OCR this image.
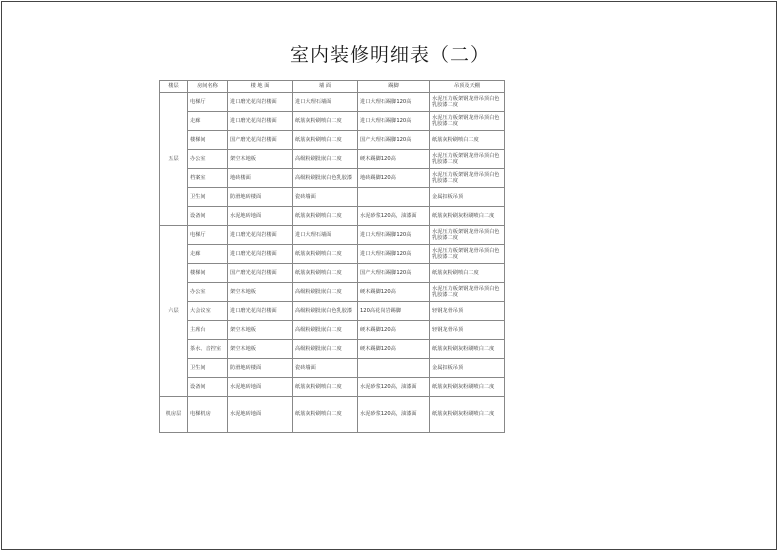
室内装修明细表（二）
楼层	房间名称	楼 地 面	墙 面	踢脚	吊顶及天棚
五层	电梯厅	进口磨光花岗岩楼面	进口大理石墙面	进口大理石踢脚120高	水泥压力板架钢龙骨吊顶白色乳胶漆二度
	走廊	进口磨光花岗岩楼面	纸筋灰粉刷喷白二度	进口大理石踢脚120高	水泥压力板架钢龙骨吊顶白色乳胶漆二度
	楼梯间	国产磨光花岗岩楼面	纸筋灰粉刷喷白二度	国产大理石踢脚120高	纸筋灰粉刷喷白二度
	办公室	架空木地板	高级粉刷批嵌白二度	硬木踢脚120高	水泥压力板架钢龙骨吊顶白色乳胶漆二度
	档案室	地砖楼面	高级粉刷批嵌白色乳胶漆	地砖踢脚120高	水泥压力板架钢龙骨吊顶白色乳胶漆二度
	卫生间	防滑地砖楼面	瓷砖墙面		金属扣板吊顶
	设备间	水泥地砖地面	纸筋灰粉刷喷白二度	水泥砂浆120高，油漆面	纸筋灰粉刷灰粉刷喷白二度
六层	电梯厅	进口磨光花岗岩楼面	进口大理石墙面	进口大理石踢脚120高	水泥压力板架钢龙骨吊顶白色乳胶漆二度
	走廊	进口磨光花岗岩楼面	纸筋灰粉刷喷白二度	进口大理石踢脚120高	水泥压力板架钢龙骨吊顶白色乳胶漆二度
	楼梯间	国产磨光花岗岩楼面	纸筋灰粉刷喷白二度	国产大理石踢脚120高	纸筋灰粉刷喷白二度
	办公室	架空木地板	高级粉刷批嵌白二度	硬木踢脚120高	水泥压力板架钢龙骨吊顶白色乳胶漆二度
	大会议室	进口磨光花岗岩楼面	高级粉刷批嵌白色乳胶漆	120高花岗岩踢脚	轻钢龙骨吊顶
	主席台	架空木地板	高级粉刷批嵌白二度	硬木踢脚120高	轻钢龙骨吊顶
	茶水、音控室	架空木地板	高级粉刷批嵌白二度	硬木踢脚120高	纸筋灰粉刷灰粉刷喷白二度
	卫生间	防滑地砖楼面	瓷砖墙面		金属扣板吊顶
	设备间	水泥地砖地面	纸筋灰粉刷喷白二度	水泥砂浆120高，油漆面	纸筋灰粉刷灰粉刷喷白二度
机房层	电梯机房	水泥地砖地面	纸筋灰粉刷喷白二度	水泥砂浆120高，油漆面	纸筋灰粉刷灰粉刷喷白二度
